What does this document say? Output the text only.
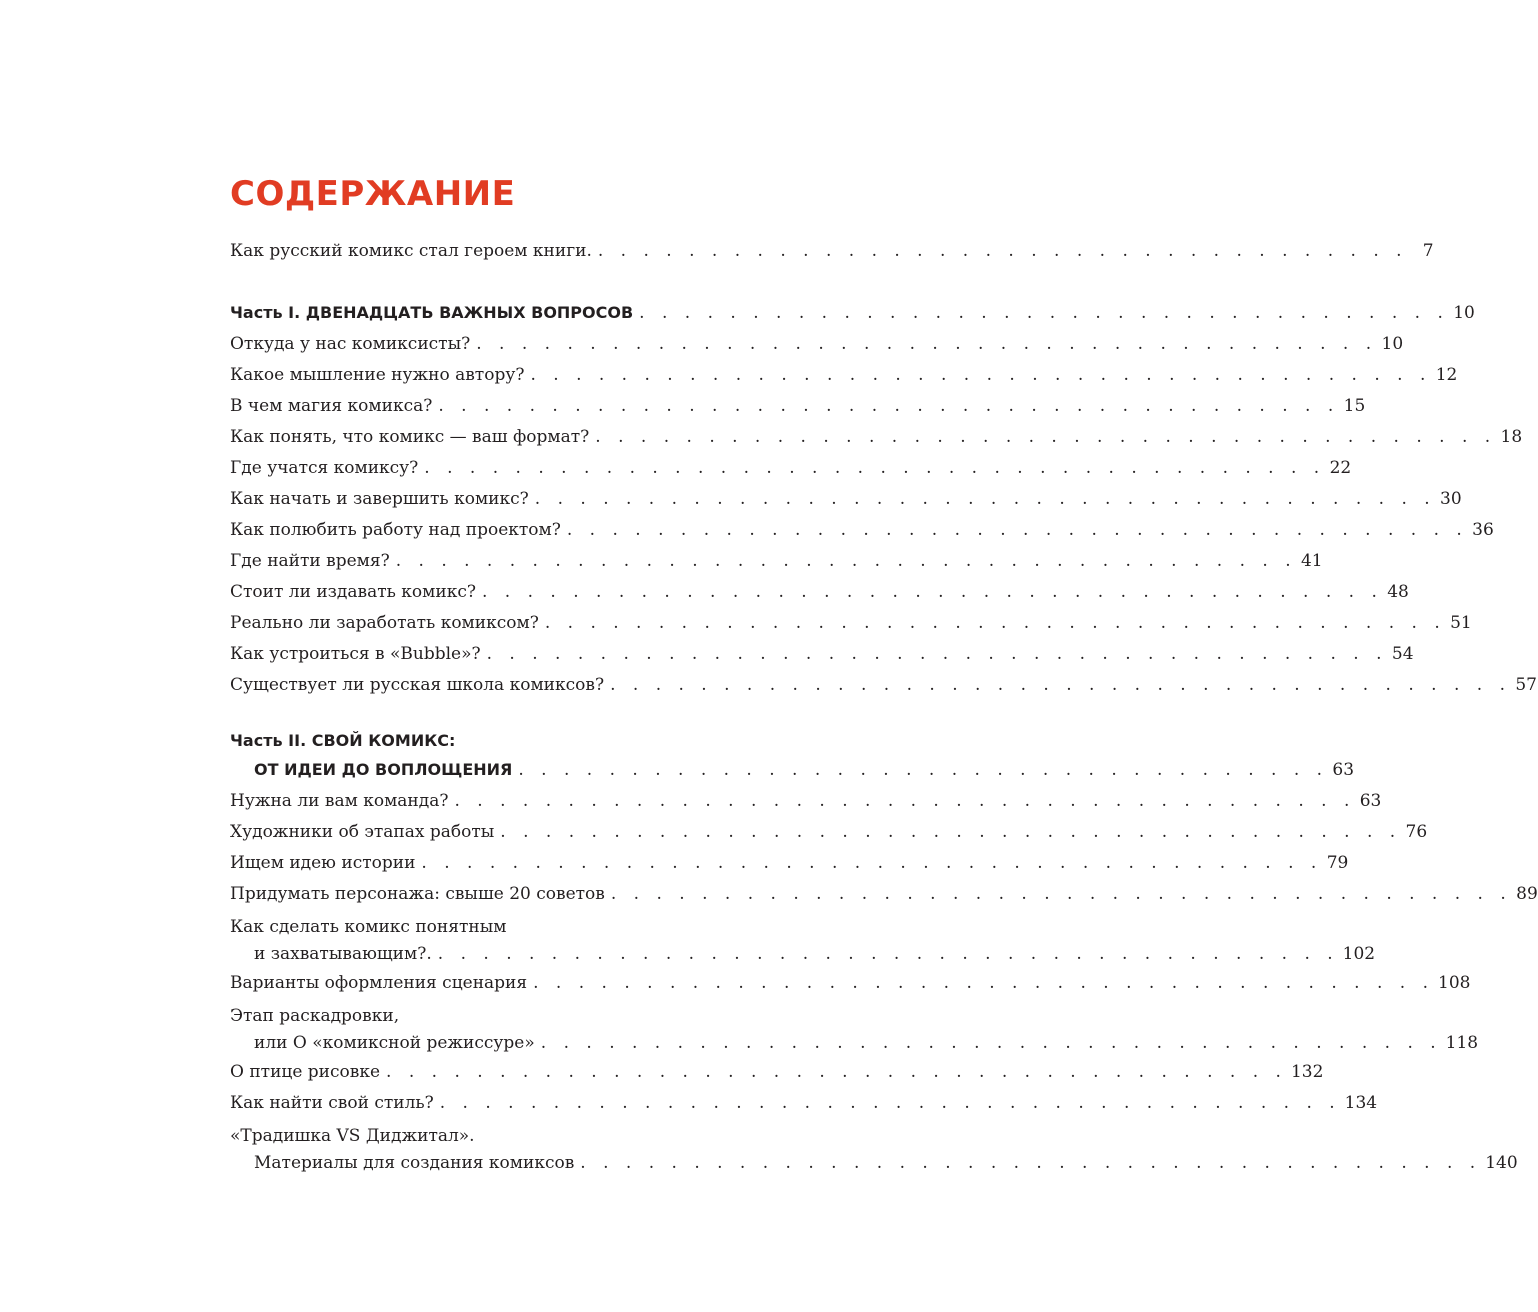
СОДЕРЖАНИЕ
Как русский комикс стал героем книги. . . . . . . . . . . . . . . . . . . . . . . . . . . . . . . . . . . . . 7
Часть I. ДВЕНАДЦАТЬ ВАЖНЫХ ВОПРОСОВ . . . . . . . . . . . . . . . . . . . . . . . . . . . . . . . . . . . . 10
Откуда у нас комиксисты? . . . . . . . . . . . . . . . . . . . . . . . . . . . . . . . . . . . . . . . . 10
Какое мышление нужно автору? . . . . . . . . . . . . . . . . . . . . . . . . . . . . . . . . . . . . . . . . 12
В чем магия комикса? . . . . . . . . . . . . . . . . . . . . . . . . . . . . . . . . . . . . . . . . 15
Как понять, что комикс — ваш формат? . . . . . . . . . . . . . . . . . . . . . . . . . . . . . . . . . . . . . . . . 18
Где учатся комиксу? . . . . . . . . . . . . . . . . . . . . . . . . . . . . . . . . . . . . . . . . 22
Как начать и завершить комикс? . . . . . . . . . . . . . . . . . . . . . . . . . . . . . . . . . . . . . . . . 30
Как полюбить работу над проектом? . . . . . . . . . . . . . . . . . . . . . . . . . . . . . . . . . . . . . . . . 36
Где найти время? . . . . . . . . . . . . . . . . . . . . . . . . . . . . . . . . . . . . . . . . 41
Стоит ли издавать комикс? . . . . . . . . . . . . . . . . . . . . . . . . . . . . . . . . . . . . . . . . 48
Реально ли заработать комиксом? . . . . . . . . . . . . . . . . . . . . . . . . . . . . . . . . . . . . . . . . 51
Как устроиться в «Bubble»? . . . . . . . . . . . . . . . . . . . . . . . . . . . . . . . . . . . . . . . . 54
Существует ли русская школа комиксов? . . . . . . . . . . . . . . . . . . . . . . . . . . . . . . . . . . . . . . . . 57
Часть II. СВОЙ КОМИКС:
ОТ ИДЕИ ДО ВОПЛОЩЕНИЯ . . . . . . . . . . . . . . . . . . . . . . . . . . . . . . . . . . . . 63
Нужна ли вам команда? . . . . . . . . . . . . . . . . . . . . . . . . . . . . . . . . . . . . . . . . 63
Художники об этапах работы . . . . . . . . . . . . . . . . . . . . . . . . . . . . . . . . . . . . . . . . 76
Ищем идею истории . . . . . . . . . . . . . . . . . . . . . . . . . . . . . . . . . . . . . . . . 79
Придумать персонажа: свыше 20 советов . . . . . . . . . . . . . . . . . . . . . . . . . . . . . . . . . . . . . . . . 89
Как сделать комикс понятным
и захватывающим?. . . . . . . . . . . . . . . . . . . . . . . . . . . . . . . . . . . . . . . . . 102
Варианты оформления сценария . . . . . . . . . . . . . . . . . . . . . . . . . . . . . . . . . . . . . . . . 108
Этап раскадровки,
или О «комиксной режиссуре» . . . . . . . . . . . . . . . . . . . . . . . . . . . . . . . . . . . . . . . . 118
О птице рисовке . . . . . . . . . . . . . . . . . . . . . . . . . . . . . . . . . . . . . . . . 132
Как найти свой стиль? . . . . . . . . . . . . . . . . . . . . . . . . . . . . . . . . . . . . . . . . 134
«Традишка VS Диджитал».
Материалы для создания комиксов . . . . . . . . . . . . . . . . . . . . . . . . . . . . . . . . . . . . . . . . 140
